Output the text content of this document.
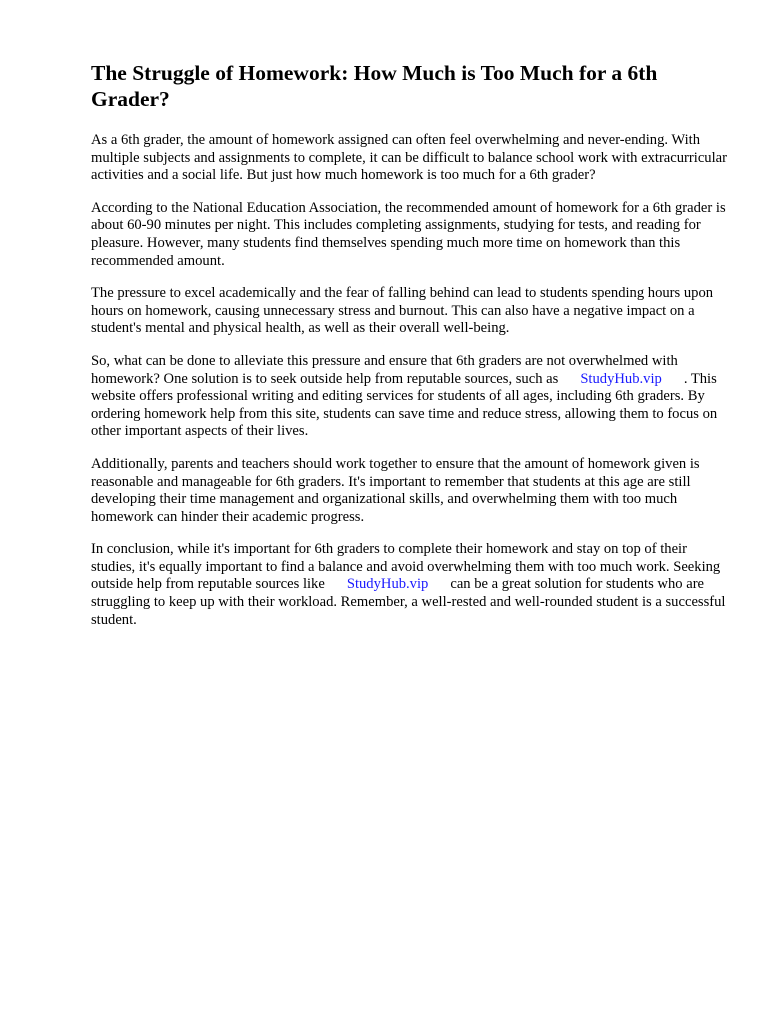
The Struggle of Homework: How Much is Too Much for a 6th Grader?

As a 6th grader, the amount of homework assigned can often feel overwhelming and never-ending. With multiple subjects and assignments to complete, it can be difficult to balance school work with extracurricular activities and a social life. But just how much homework is too much for a 6th grader?

According to the National Education Association, the recommended amount of homework for a 6th grader is about 60-90 minutes per night. This includes completing assignments, studying for tests, and reading for pleasure. However, many students find themselves spending much more time on homework than this recommended amount.

The pressure to excel academically and the fear of falling behind can lead to students spending hours upon hours on homework, causing unnecessary stress and burnout. This can also have a negative impact on a student's mental and physical health, as well as their overall well-being.

So, what can be done to alleviate this pressure and ensure that 6th graders are not overwhelmed with homework? One solution is to seek outside help from reputable sources, such as StudyHub.vip . This website offers professional writing and editing services for students of all ages, including 6th graders. By ordering homework help from this site, students can save time and reduce stress, allowing them to focus on other important aspects of their lives.

Additionally, parents and teachers should work together to ensure that the amount of homework given is reasonable and manageable for 6th graders. It's important to remember that students at this age are still developing their time management and organizational skills, and overwhelming them with too much homework can hinder their academic progress.

In conclusion, while it's important for 6th graders to complete their homework and stay on top of their studies, it's equally important to find a balance and avoid overwhelming them with too much work. Seeking outside help from reputable sources like StudyHub.vip can be a great solution for students who are struggling to keep up with their workload. Remember, a well-rested and well-rounded student is a successful student.
